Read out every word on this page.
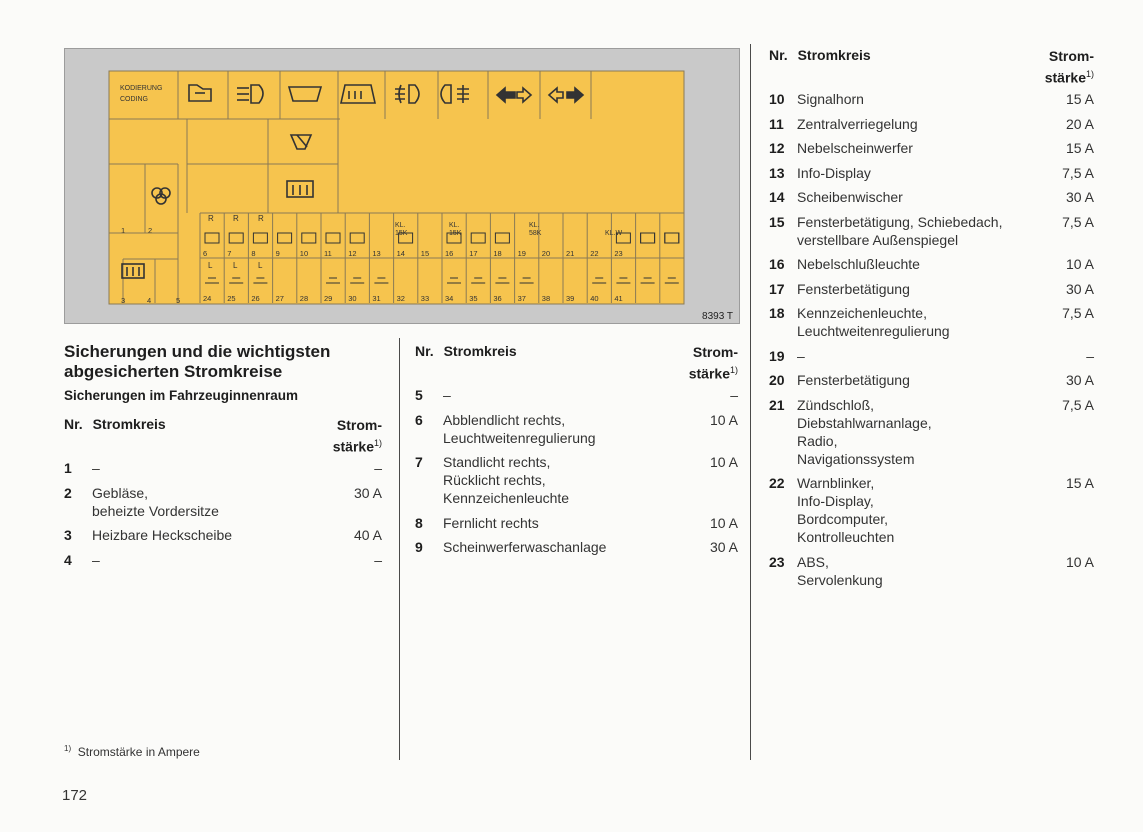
KODIERUNG
CODING
KL.
15K
KL.
15K
KL.
58K	KL.W
R R R
L	L	L
1	2
3	4	5
6	7	8	9	10 11 12 13 14 15 16 17 18 19 20 21 22 23
24 25 26 27 28 29 30 31 32 33 34 35 36 37 38 39 40 41
8393 T
Sicherungen und die wichtigsten abgesicherten Stromkreise
Sicherungen im Fahrzeuginnenraum
Nr. Stromkreis	Strom-
stärke$^{1)}$
Nr. Stromkreis	Strom-
stärke$^{1)}$
Nr. Stromkreis	Strom-
stärke$^{1)}$
1 –	–
2 Gebläse,
beheizte Vordersitze
30 A
3 Heizbare Heckscheibe	40 A
4 –	–
5 –	–
6 Abblendlicht rechts,
Leuchtweitenregulierung
10 A
7 Standlicht rechts,
Rücklicht rechts,
Kennzeichenleuchte
10 A
8 Fernlicht rechts	10 A
9 Scheinwerferwaschanlage	30 A
10 Signalhorn	15 A
11 Zentralverriegelung	20 A
12 Nebelscheinwerfer	15 A
13 Info-Display	7,5 A
14 Scheibenwischer	30 A
15 Fensterbetätigung, Schiebedach,
verstellbare Außenspiegel
7,5 A
16 Nebelschlußleuchte	10 A
17 Fensterbetätigung	30 A
18 Kennzeichenleuchte,
Leuchtweitenregulierung
7,5 A
19 –	–
20 Fensterbetätigung	30 A
21 Zündschloß,
Diebstahlwarnanlage,
Radio,
Navigationssystem
7,5 A
22 Warnblinker,
Info-Display,
Bordcomputer,
Kontrolleuchten
15 A
23 ABS,
Servolenkung
10 A
$^{1)}$ Stromstärke in Ampere
172
